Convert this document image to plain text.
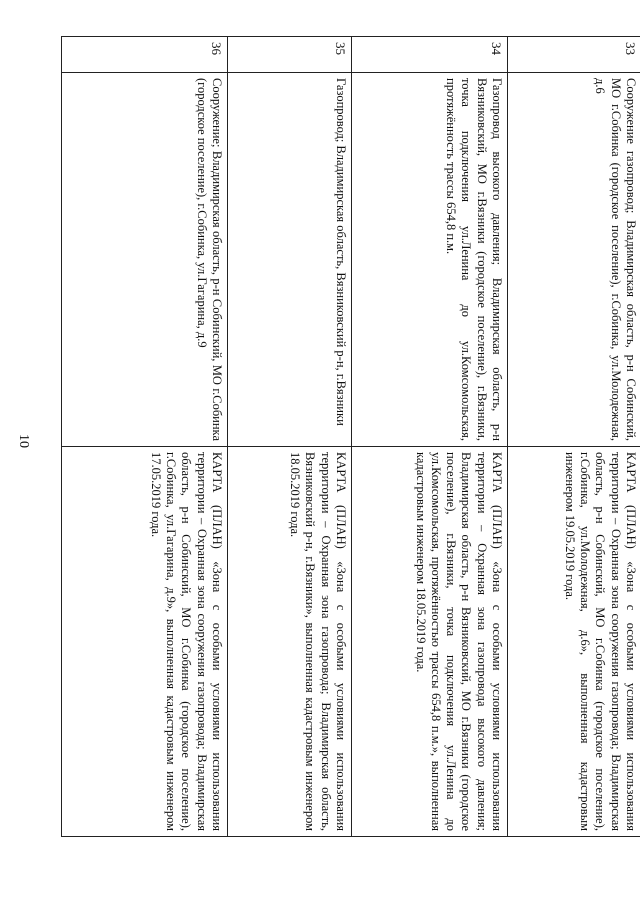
10
33	Сооружение газопровод; Владимирская область, р-н Собинский, МО г.Собинка (городское поселение), г.Собинка, ул.Молодежная, д.6	КАРТА (ПЛАН) «Зона с особыми условиями использования территории – Охранная зона сооружения газопровода; Владимирская область, р-н Собинский, МО г.Собинка (городское поселение), г.Собинка, ул.Молодежная, д.6», выполненная кадастровым инженером 19.05.2019 года.
34	Газопровод высокого давления; Владимирская область, р-н Вязниковский, МО г.Вязники (городское поселение), г.Вязники, точка подключения ул.Ленина до ул.Комсомольская, протяжённость трассы 654,8 п.м.	КАРТА (ПЛАН) «Зона с особыми условиями использования территории – Охранная зона газопровода высокого давления; Владимирская область, р-н Вязниковский, МО г.Вязники (городское поселение), г.Вязники, точка подключения ул.Ленина до ул.Комсомольская, протяжённостью трассы 654,8 п.м.», выполненная кадастровым инженером 18.05.2019 года.
35	Газопровод; Владимирская область, Вязниковский р-н, г.Вязники	КАРТА (ПЛАН) «Зона с особыми условиями использования территории – Охранная зона газопровода; Владимирская область, Вязниковский р-н, г.Вязники», выполненная кадастровым инженером 18.05.2019 года.
36	Сооружение; Владимирская область, р-н Собинский, МО г.Собинка (городское поселение), г.Собинка, ул.Гагарина, д.9	КАРТА (ПЛАН) «Зона с особыми условиями использования территории – Охранная зона сооружения газопровода; Владимирская область, р-н Собинский, МО г.Собинка (городское поселение), г.Собинка, ул.Гагарина, д.9», выполненная кадастровым инженером 17.05.2019 года.
